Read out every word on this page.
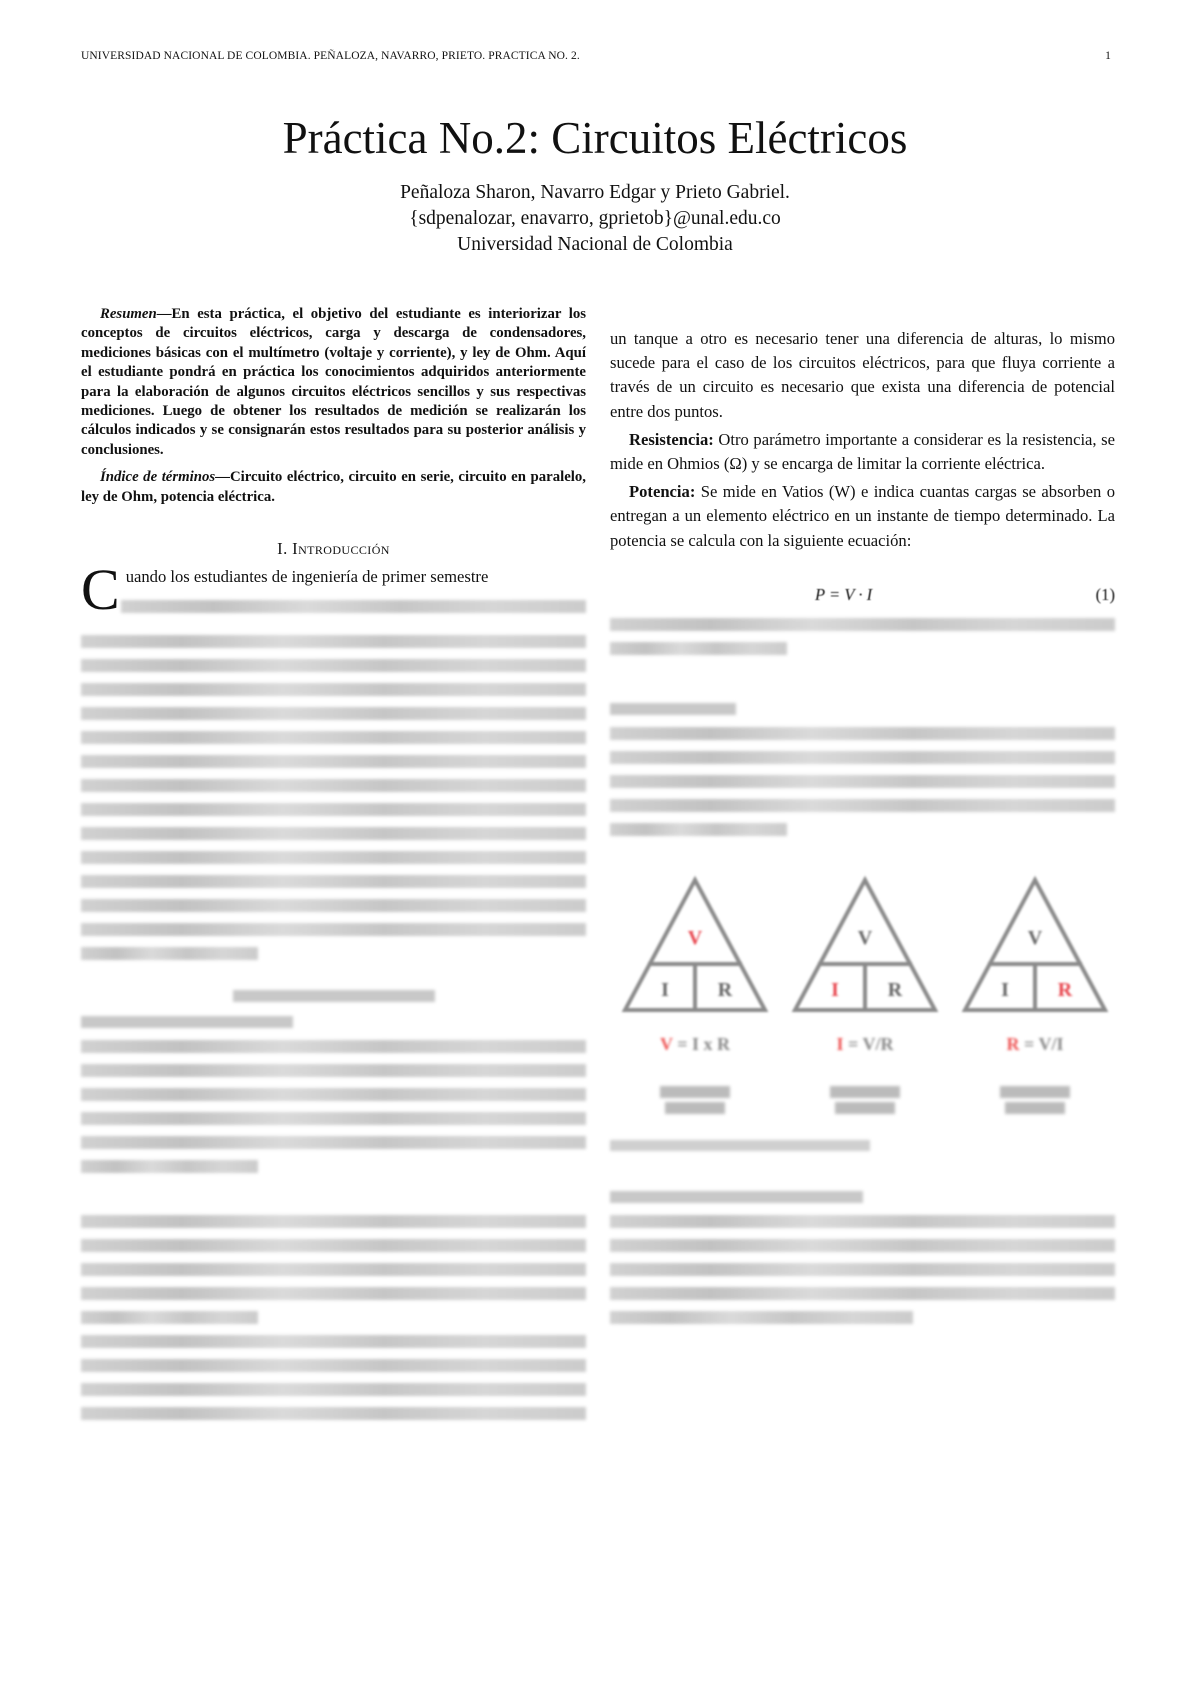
UNIVERSIDAD NACIONAL DE COLOMBIA. PEÑALOZA, NAVARRO, PRIETO. PRACTICA NO. 2.	1
Práctica No.2: Circuitos Eléctricos
Peñaloza Sharon, Navarro Edgar y Prieto Gabriel.
{sdpenalozar, enavarro, gprietob}@unal.edu.co
Universidad Nacional de Colombia

Resumen—En esta práctica, el objetivo del estudiante es interiorizar los conceptos de circuitos eléctricos, carga y descarga de condensadores, mediciones básicas con el multímetro (voltaje y corriente), y ley de Ohm. Aquí el estudiante pondrá en práctica los conocimientos adquiridos anteriormente para la elaboración de algunos circuitos eléctricos sencillos y sus respectivas mediciones. Luego de obtener los resultados de medición se realizarán los cálculos indicados y se consignarán estos resultados para su posterior análisis y conclusiones.

Índice de términos—Circuito eléctrico, circuito en serie, circuito en paralelo, ley de Ohm, potencia eléctrica.

I. Introducción

C uando los estudiantes de ingeniería de primer semestre

un tanque a otro es necesario tener una diferencia de alturas, lo mismo sucede para el caso de los circuitos eléctricos, para que fluya corriente a través de un circuito es necesario que exista una diferencia de potencial entre dos puntos.

Resistencia: Otro parámetro importante a considerar es la resistencia, se mide en Ohmios (Ω) y se encarga de limitar la corriente eléctrica.

Potencia: Se mide en Vatios (W) e indica cuantas cargas se absorben o entregan a un elemento eléctrico en un instante de tiempo determinado. La potencia se calcula con la siguiente ecuación:

P = V · I	(1)
V
I R
V = I x R
V
I R
I = V/R
V
I R
R = V/I
